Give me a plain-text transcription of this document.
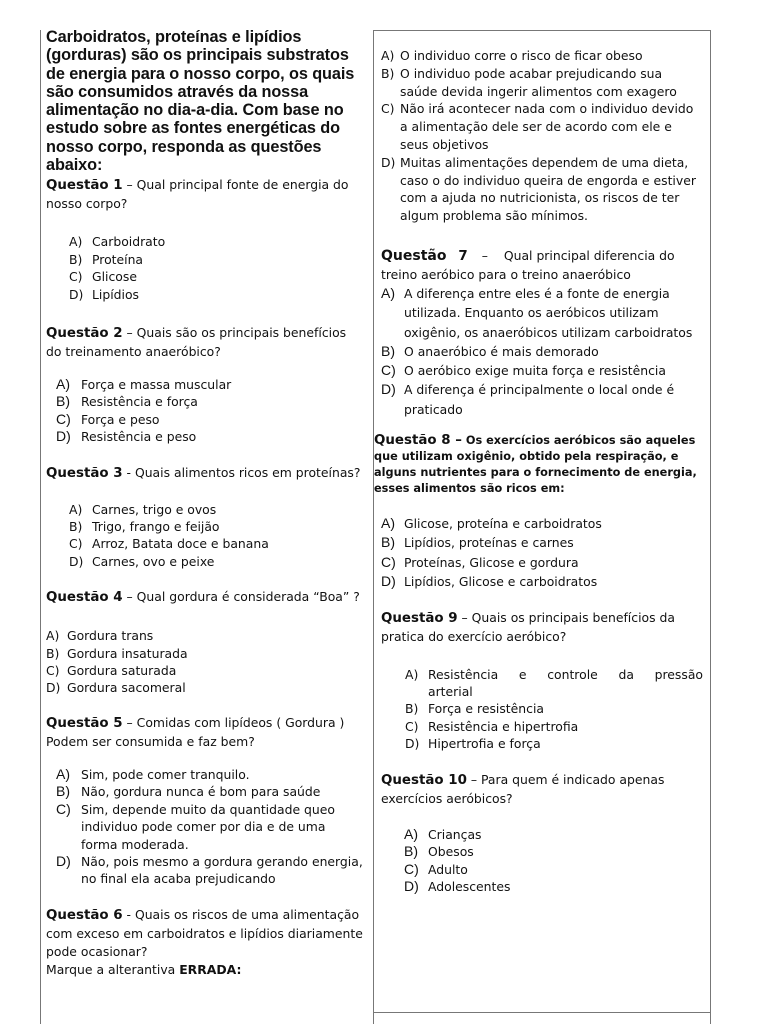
Carboidratos, proteínas e lipídios (gorduras) são os principais substratos de energia para o nosso corpo, os quais são consumidos através da nossa alimentação no dia-a-dia. Com base no estudo sobre as fontes energéticas do nosso corpo, responda as questões abaixo:

Questão 1 – Qual principal fonte de energia do nosso corpo?

A) Carboidrato
B) Proteína
C) Glicose
D) Lipídios

Questão 2 – Quais são os principais benefícios do treinamento anaeróbico?

A) Força e massa muscular
B) Resistência e força
C) Força e peso
D) Resistência e peso

Questão 3 - Quais alimentos ricos em proteínas?

A) Carnes, trigo e ovos
B) Trigo, frango e feijão
C) Arroz, Batata doce e banana
D) Carnes, ovo e peixe

Questão 4 – Qual gordura é considerada “Boa” ?

A) Gordura trans
B) Gordura insaturada
C) Gordura saturada
D) Gordura sacomeral

Questão 5 – Comidas com lipídeos ( Gordura ) Podem ser consumida e faz bem?

A) Sim, pode comer tranquilo.
B) Não, gordura nunca é bom para saúde
C) Sim, depende muito da quantidade queo individuo pode comer por dia e de uma forma moderada.
D) Não, pois mesmo a gordura gerando energia, no final ela acaba prejudicando

Questão 6 - Quais os riscos de uma alimentação com exceso em carboidratos e lipídios diariamente pode ocasionar?

Marque a alterantiva ERRADA:

A) O individuo corre o risco de ficar obeso
B) O individuo pode acabar prejudicando sua saúde devida ingerir alimentos com exagero
C) Não irá acontecer nada com o individuo devido a alimentação dele ser de acordo com ele e seus objetivos
D) Muitas alimentações dependem de uma dieta, caso o do individuo queira de engorda e estiver com a ajuda no nutricionista, os riscos de ter algum problema são mínimos.

Questão 7 – Qual principal diferencia do treino aeróbico para o treino anaeróbico

A) A diferença entre eles é a fonte de energia utilizada. Enquanto os aeróbicos utilizam oxigênio, os anaeróbicos utilizam carboidratos
B) O anaeróbico é mais demorado
C) O aeróbico exige muita força e resistência
D) A diferença é principalmente o local onde é praticado

Questão 8 – Os exercícios aeróbicos são aqueles que utilizam oxigênio, obtido pela respiração, e alguns nutrientes para o fornecimento de energia, esses alimentos são ricos em:

A) Glicose, proteína e carboidratos
B) Lipídios, proteínas e carnes
C) Proteínas, Glicose e gordura
D) Lipídios, Glicose e carboidratos

Questão 9 – Quais os principais benefícios da pratica do exercício aeróbico?

A) Resistência e controle da pressão arterial
B) Força e resistência
C) Resistência e hipertrofia
D) Hipertrofia e força

Questão 10 – Para quem é indicado apenas exercícios aeróbicos?

A) Crianças
B) Obesos
C) Adulto
D) Adolescentes
